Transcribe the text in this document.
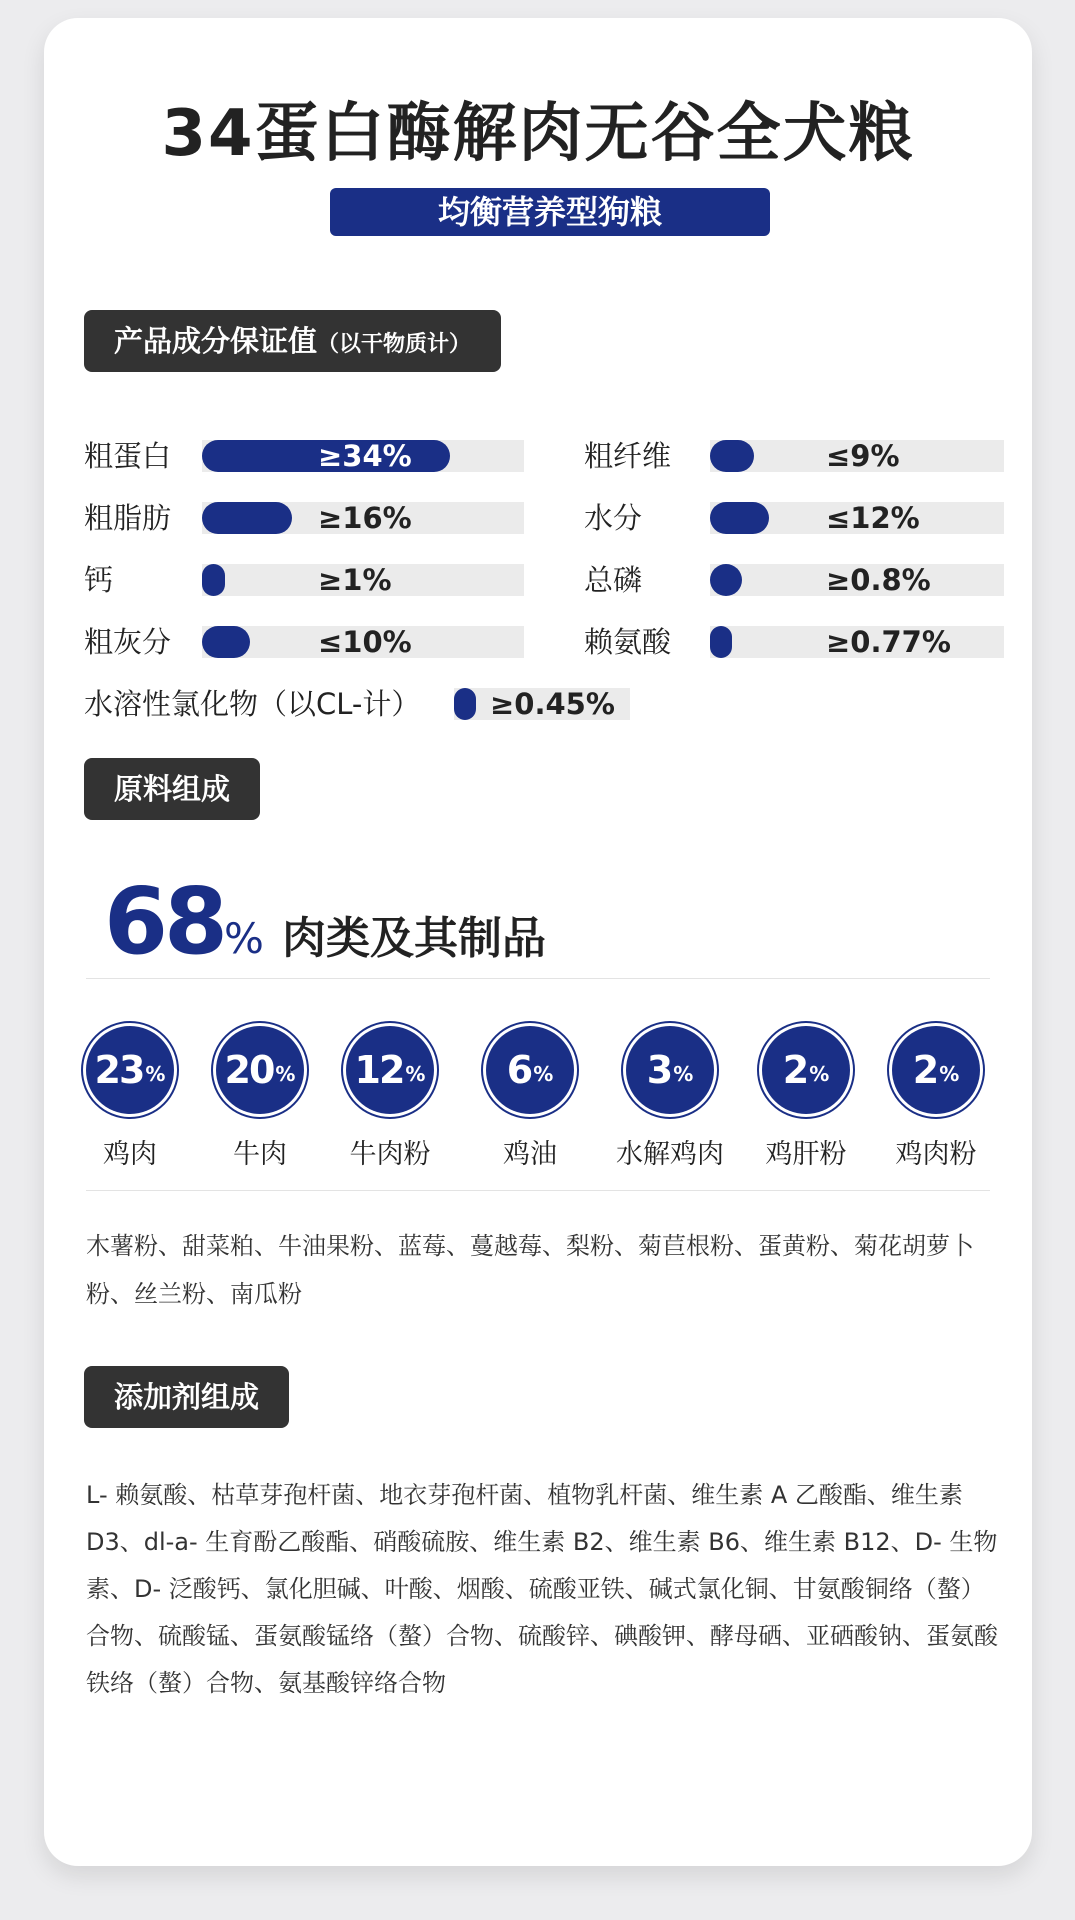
34蛋白酶解肉无谷全犬粮
均衡营养型狗粮
产品成分保证值（以干物质计）
粗蛋白	≥34%
粗脂肪	≥16%
钙	≥1%
粗灰分	≤10%
粗纤维	≤9%
水分	≤12%
总磷	≥0.8%
赖氨酸	≥0.77%
水溶性氯化物（以CL-计） ≥0.45%
原料组成
68% 肉类及其制品
23 %
鸡肉
20 %
牛肉
12 %
牛肉粉
6 %
鸡油
3 %
水解鸡肉
2 %
鸡肝粉
2 %
鸡肉粉
木薯粉、甜菜粕、牛油果粉、蓝莓、蔓越莓、梨粉、菊苣根粉、蛋黄粉、菊花胡萝卜粉、丝兰粉、南瓜粉
添加剂组成
L- 赖氨酸、枯草芽孢杆菌、地衣芽孢杆菌、植物乳杆菌、维生素 A 乙酸酯、维生素 D3、dl-a- 生育酚乙酸酯、硝酸硫胺、维生素 B2、维生素 B6、维生素 B12、D- 生物素、D- 泛酸钙、氯化胆碱、叶酸、烟酸、硫酸亚铁、碱式氯化铜、甘氨酸铜络（螯）合物、硫酸锰、蛋氨酸锰络（螯）合物、硫酸锌、碘酸钾、酵母硒、亚硒酸钠、蛋氨酸铁络（螯）合物、氨基酸锌络合物
